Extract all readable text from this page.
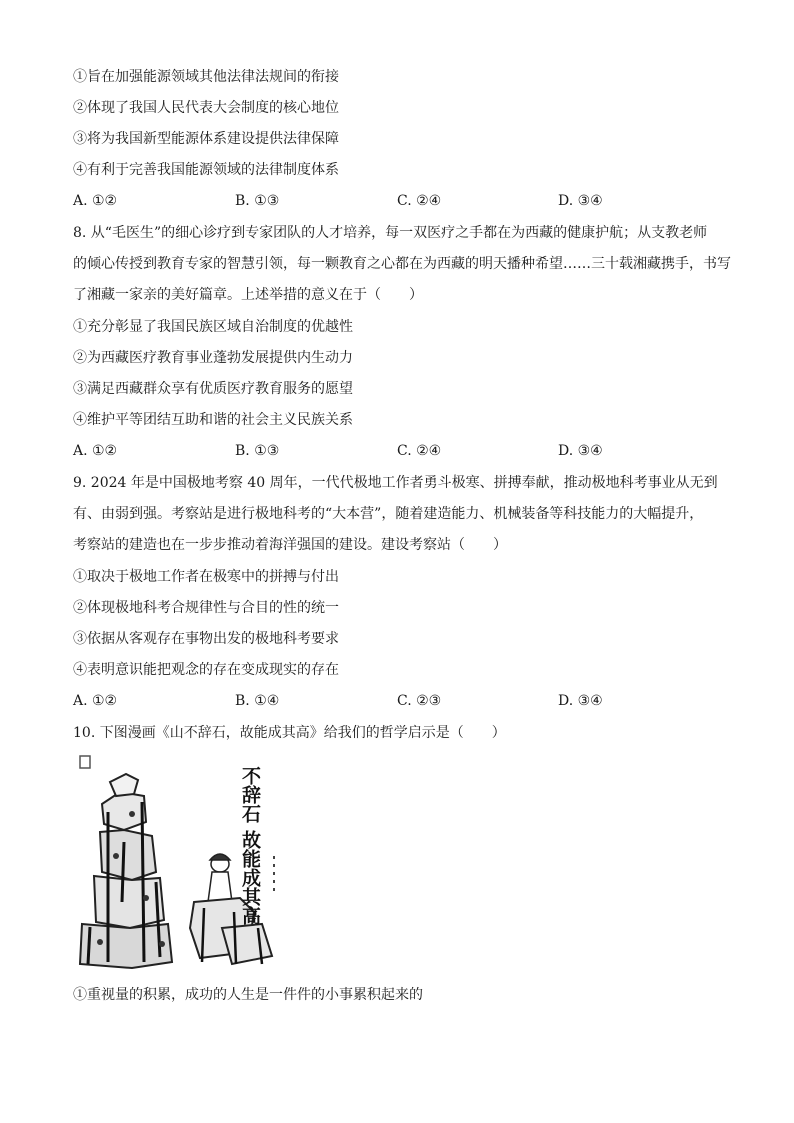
①旨在加强能源领域其他法律法规间的衔接
②体现了我国人民代表大会制度的核心地位
③将为我国新型能源体系建设提供法律保障
④有利于完善我国能源领域的法律制度体系
A. ①②	B. ①③	C. ②④	D. ③④
8. 从“毛医生”的细心诊疗到专家团队的人才培养，每一双医疗之手都在为西藏的健康护航；从支教老师
的倾心传授到教育专家的智慧引领，每一颗教育之心都在为西藏的明天播种希望……三十载湘藏携手，书写
了湘藏一家亲的美好篇章。上述举措的意义在于（　　）
①充分彰显了我国民族区域自治制度的优越性
②为西藏医疗教育事业蓬勃发展提供内生动力
③满足西藏群众享有优质医疗教育服务的愿望
④维护平等团结互助和谐的社会主义民族关系
A. ①②	B. ①③	C. ②④	D. ③④
9. 2024 年是中国极地考察 40 周年，一代代极地工作者勇斗极寒、拼搏奉献，推动极地科考事业从无到
有、由弱到强。考察站是进行极地科考的“大本营”，随着建造能力、机械装备等科技能力的大幅提升，
考察站的建造也在一步步推动着海洋强国的建设。建设考察站（　　）
①取决于极地工作者在极寒中的拼搏与付出
②体现极地科考合规律性与合目的性的统一
③依据从客观存在事物出发的极地科考要求
④表明意识能把观念的存在变成现实的存在
A. ①②	B. ①④	C. ②③	D. ③④
10. 下图漫画《山不辞石，故能成其高》给我们的哲学启示是（　　）
不辞石 故能成其高
①重视量的积累，成功的人生是一件件的小事累积起来的
